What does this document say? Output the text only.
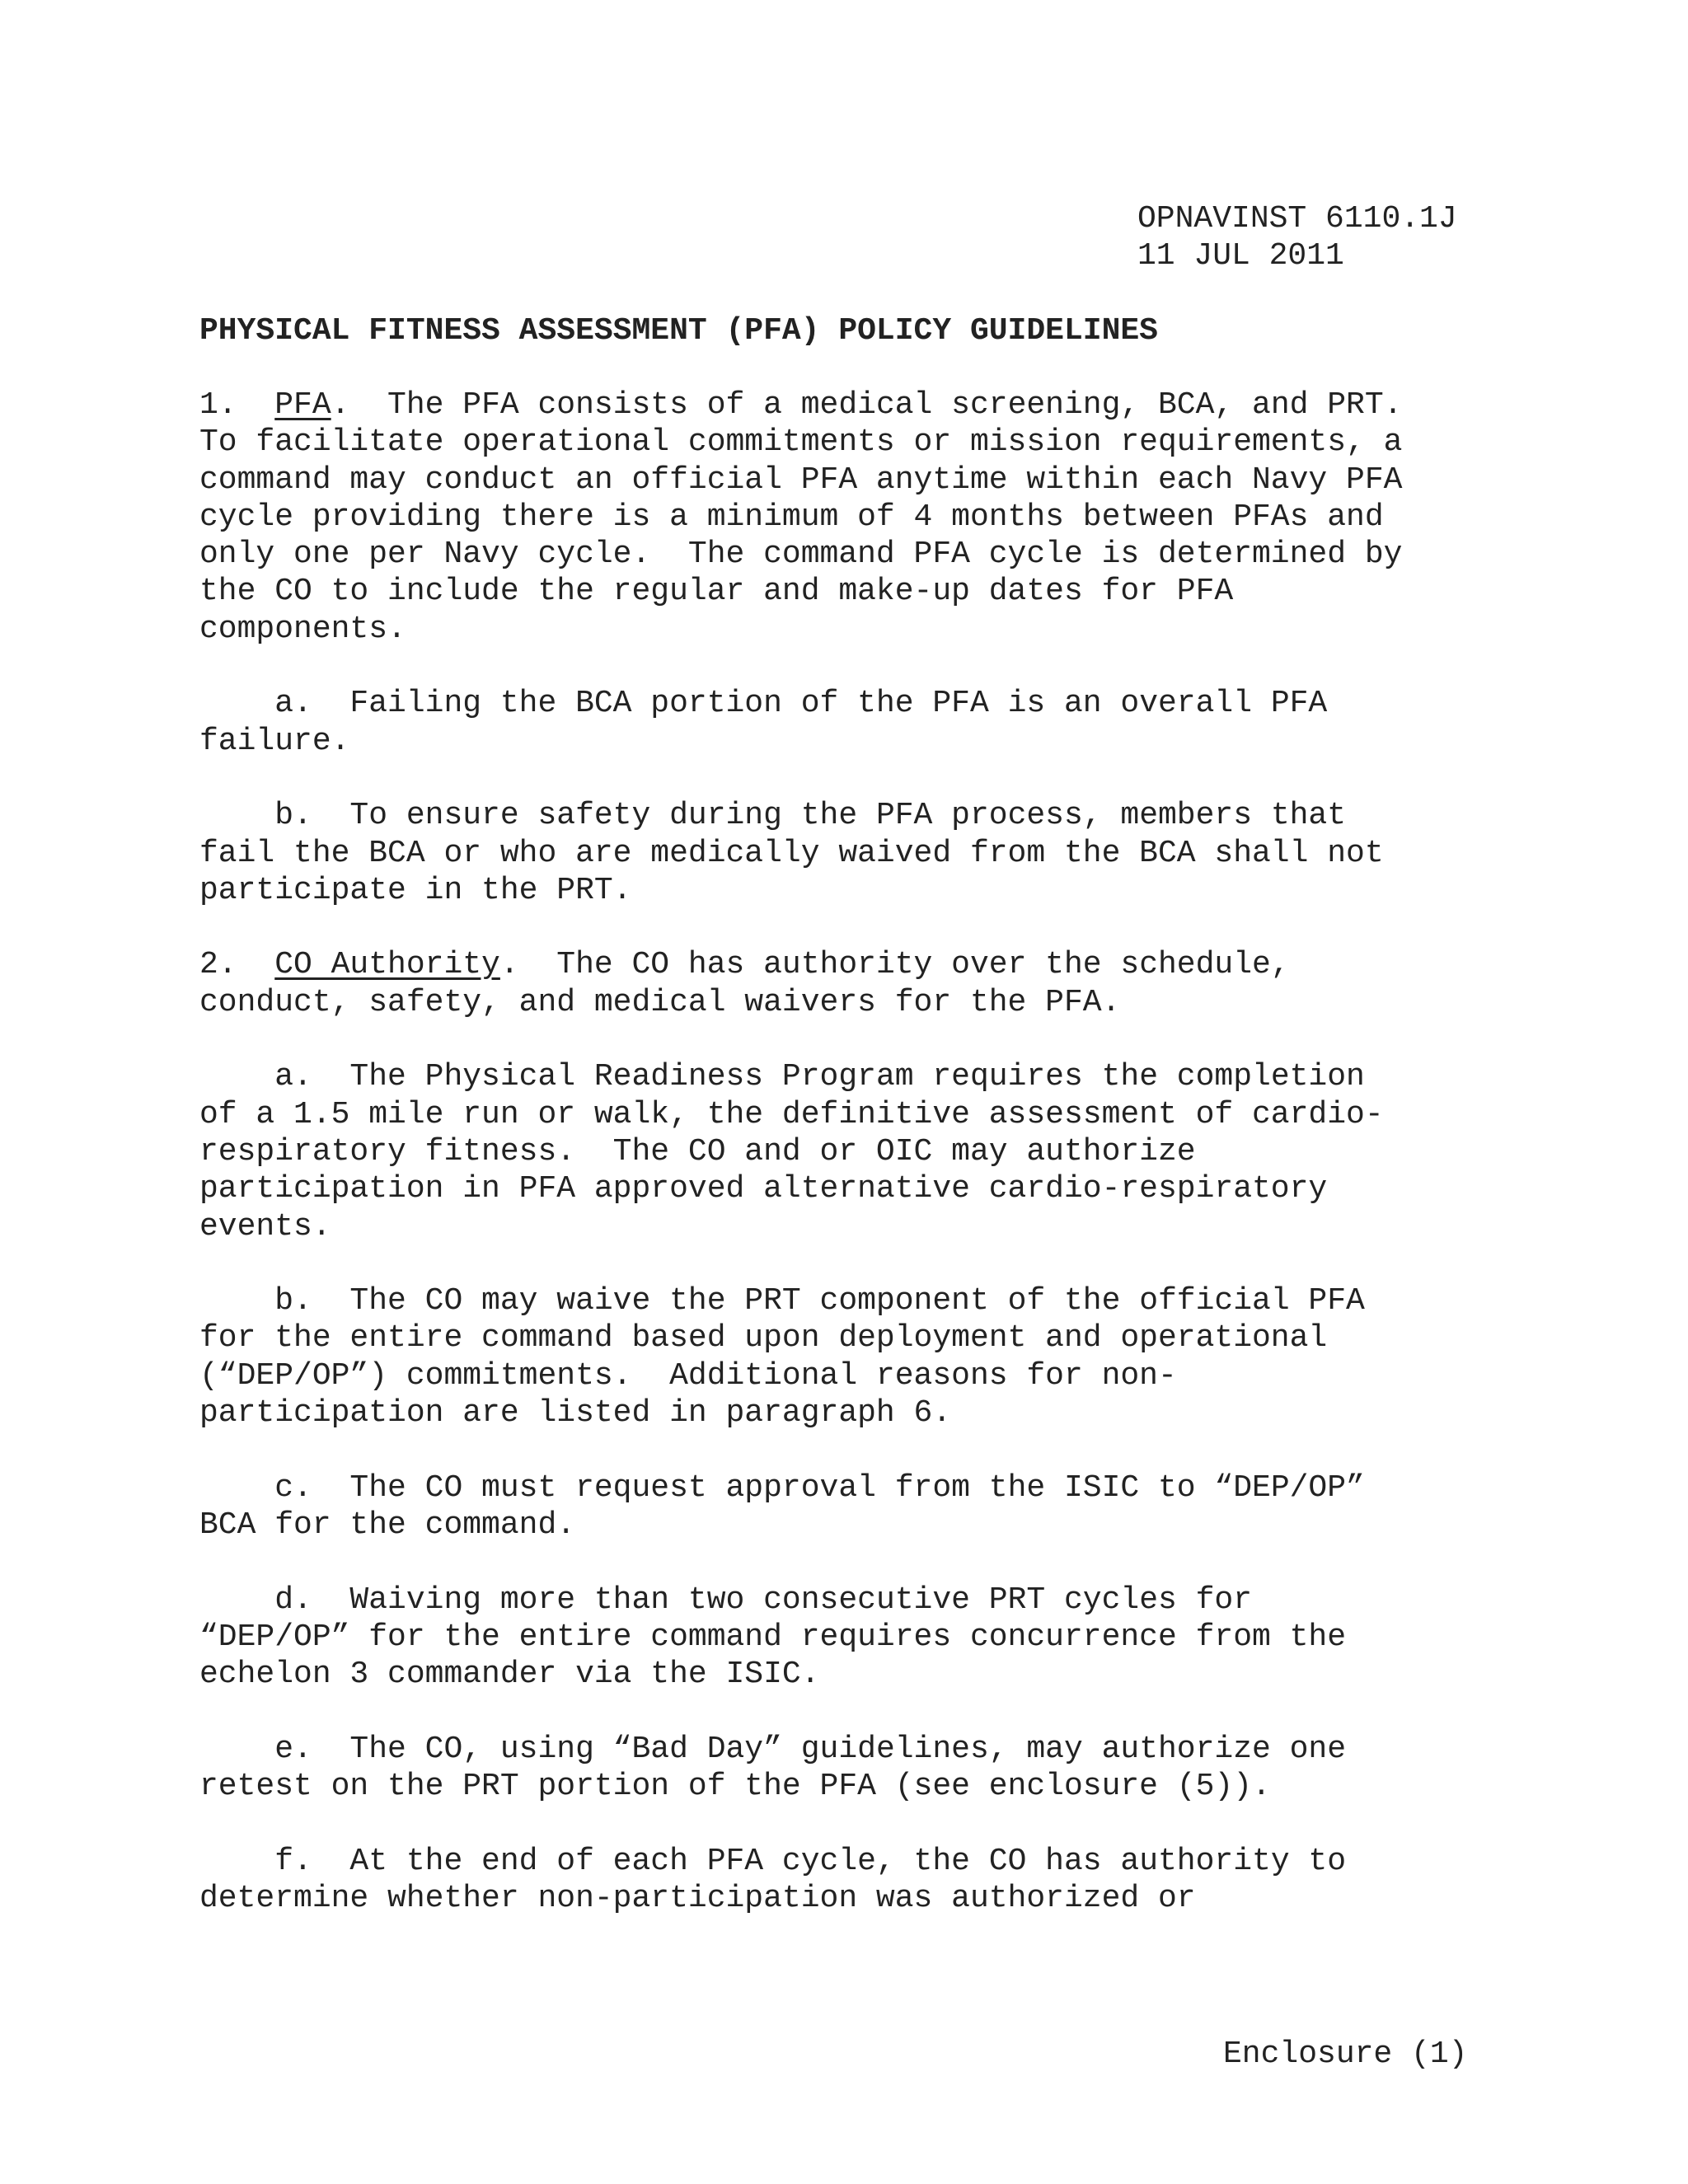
OPNAVINST 6110.1J
11 JUL 2011
PHYSICAL FITNESS ASSESSMENT (PFA) POLICY GUIDELINES
1.  PFA.  The PFA consists of a medical screening, BCA, and PRT.
To facilitate operational commitments or mission requirements, a
command may conduct an official PFA anytime within each Navy PFA
cycle providing there is a minimum of 4 months between PFAs and
only one per Navy cycle.  The command PFA cycle is determined by
the CO to include the regular and make-up dates for PFA
components.
a.  Failing the BCA portion of the PFA is an overall PFA
failure.
b.  To ensure safety during the PFA process, members that
fail the BCA or who are medically waived from the BCA shall not
participate in the PRT.
2.  CO Authority.  The CO has authority over the schedule,
conduct, safety, and medical waivers for the PFA.
a.  The Physical Readiness Program requires the completion
of a 1.5 mile run or walk, the definitive assessment of cardio-
respiratory fitness.  The CO and or OIC may authorize
participation in PFA approved alternative cardio-respiratory
events.
b.  The CO may waive the PRT component of the official PFA
for the entire command based upon deployment and operational
(“DEP/OP”) commitments.  Additional reasons for non-
participation are listed in paragraph 6.
c.  The CO must request approval from the ISIC to “DEP/OP”
BCA for the command.
d.  Waiving more than two consecutive PRT cycles for
“DEP/OP” for the entire command requires concurrence from the
echelon 3 commander via the ISIC.
e.  The CO, using “Bad Day” guidelines, may authorize one
retest on the PRT portion of the PFA (see enclosure (5)).
f.  At the end of each PFA cycle, the CO has authority to
determine whether non-participation was authorized or
Enclosure (1)
